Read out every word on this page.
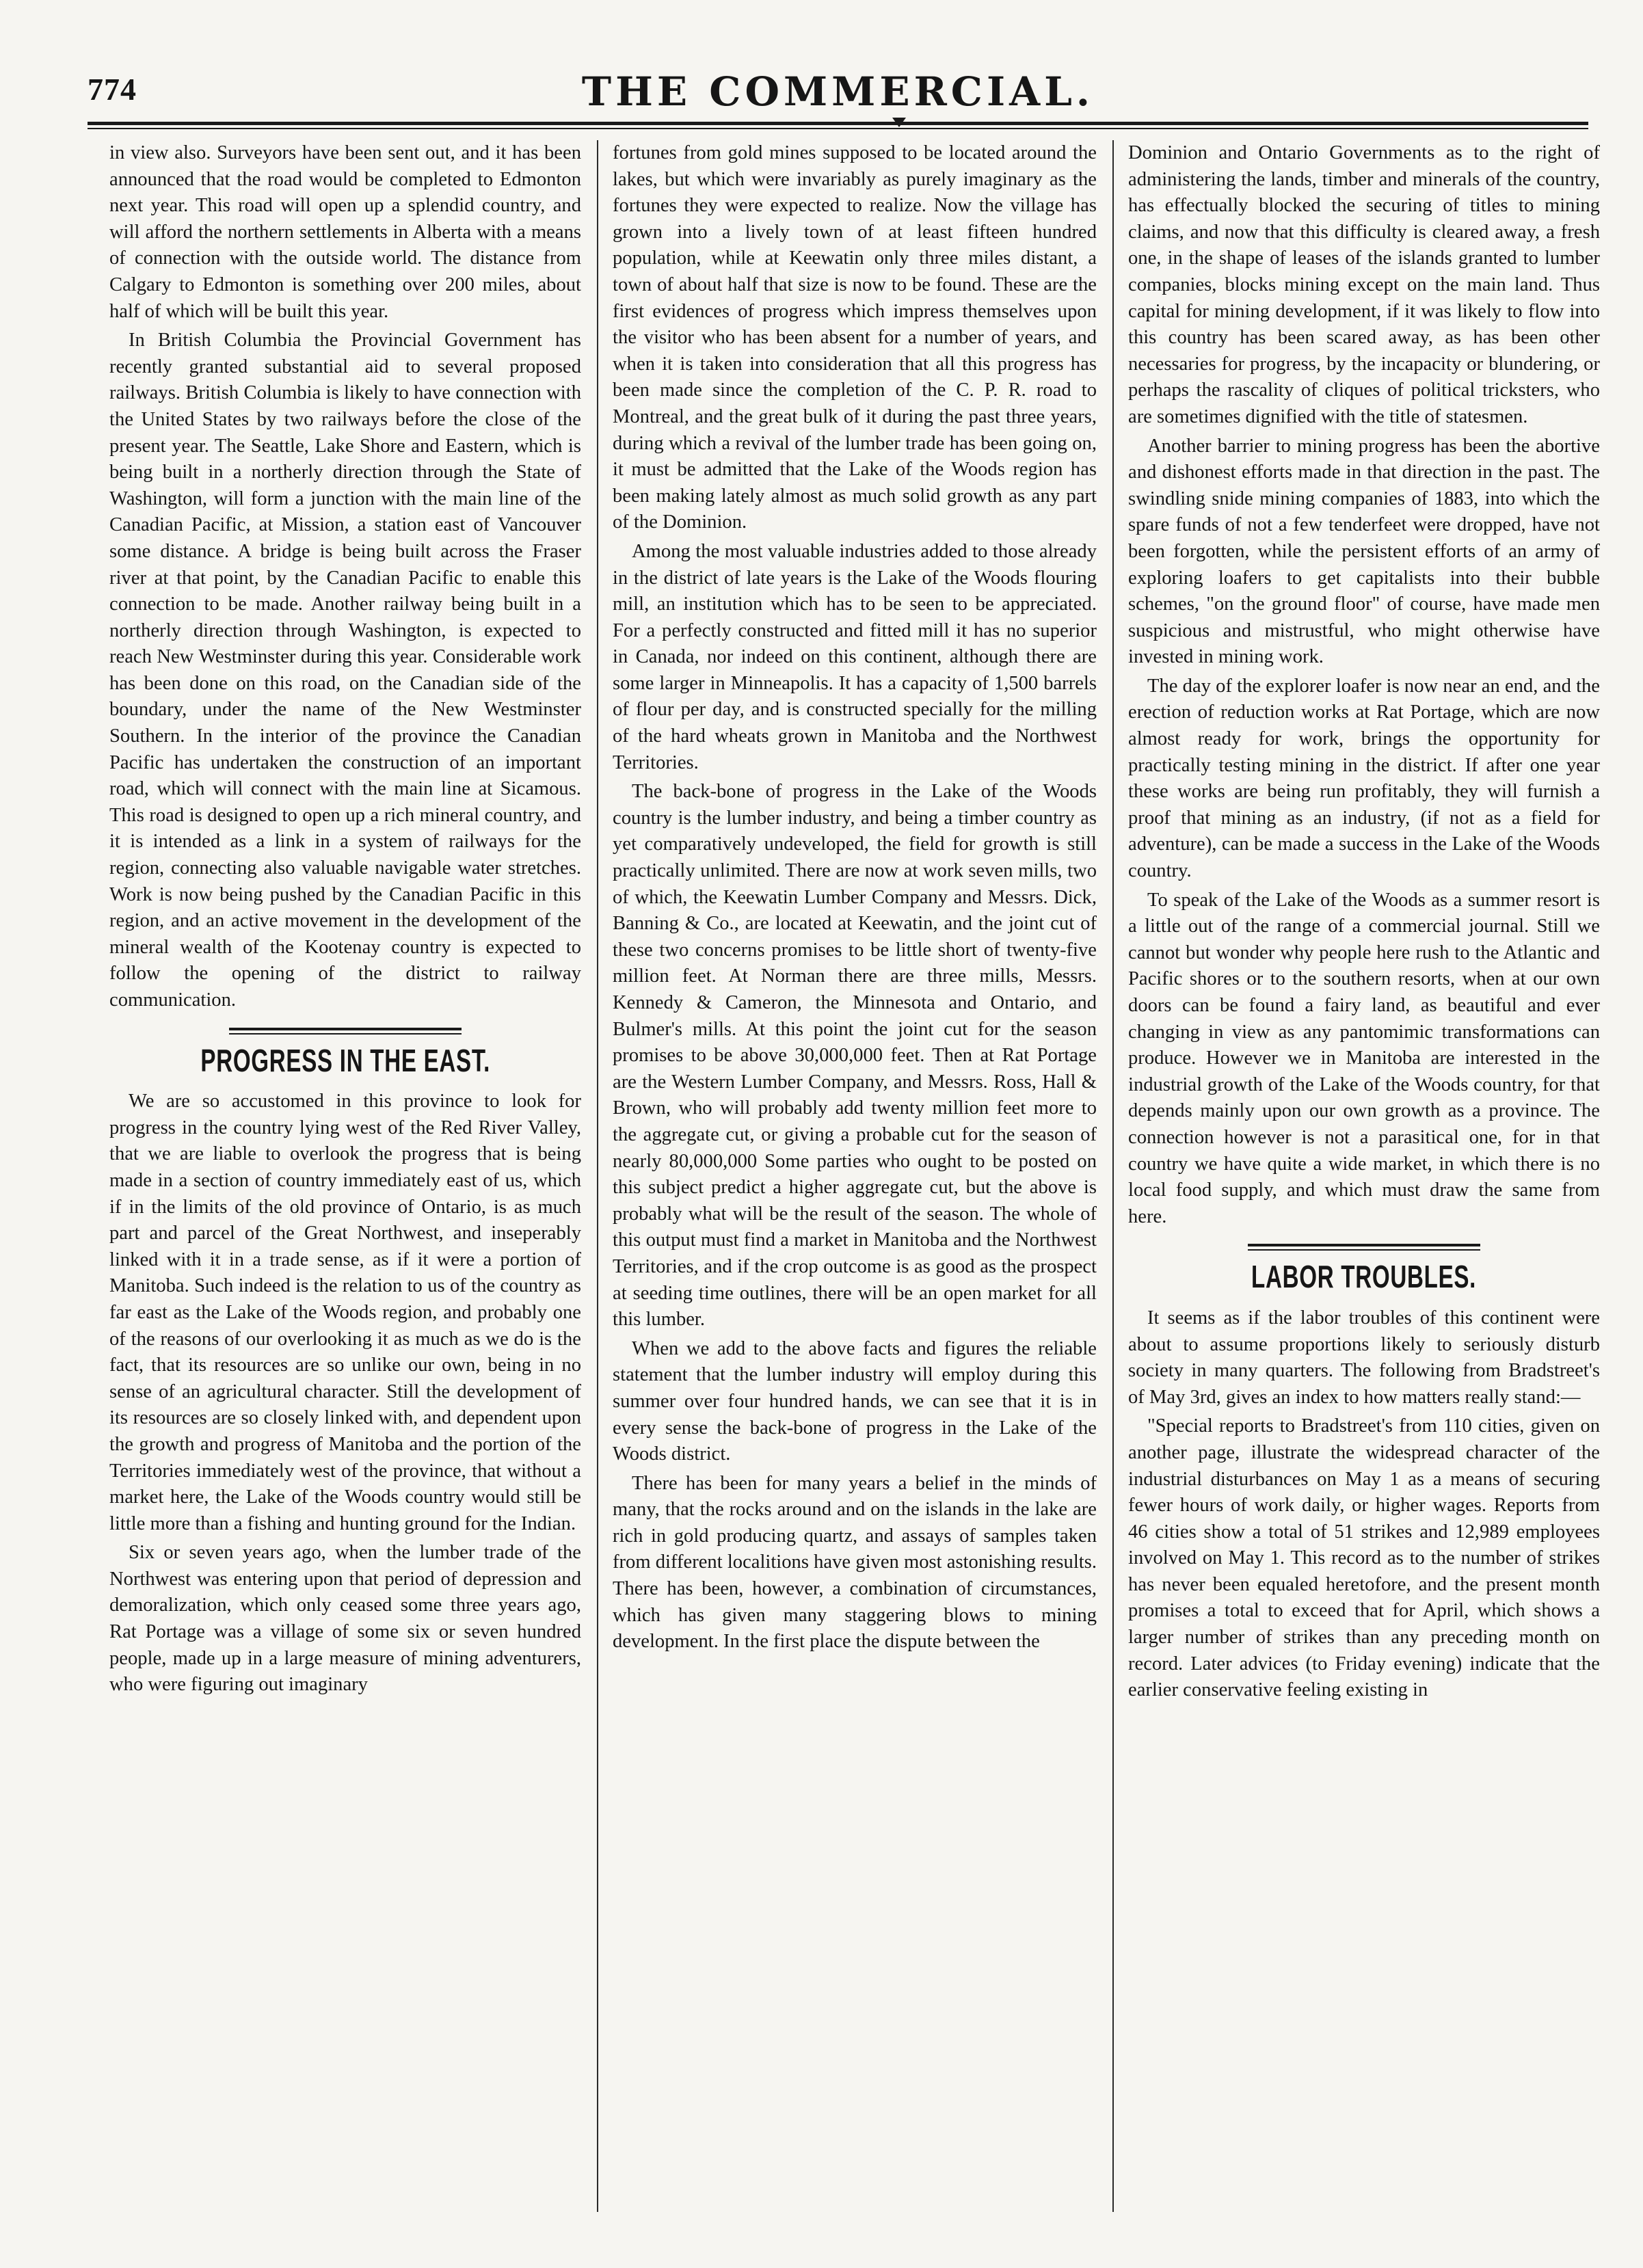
774	THE COMMERCIAL.

in view also. Surveyors have been sent out, and it has been announced that the road would be completed to Edmonton next year. This road will open up a splendid country, and will afford the northern settlements in Alberta with a means of connection with the outside world. The distance from Calgary to Edmonton is something over 200 miles, about half of which will be built this year.

In British Columbia the Provincial Government has recently granted substantial aid to several proposed railways. British Columbia is likely to have connection with the United States by two railways before the close of the present year. The Seattle, Lake Shore and Eastern, which is being built in a northerly direction through the State of Washington, will form a junction with the main line of the Canadian Pacific, at Mission, a station east of Vancouver some distance. A bridge is being built across the Fraser river at that point, by the Canadian Pacific to enable this connection to be made. Another railway being built in a northerly direction through Washington, is expected to reach New Westminster during this year. Considerable work has been done on this road, on the Canadian side of the boundary, under the name of the New Westminster Southern. In the interior of the province the Canadian Pacific has undertaken the construction of an important road, which will connect with the main line at Sicamous. This road is designed to open up a rich mineral country, and it is intended as a link in a system of railways for the region, connecting also valuable navigable water stretches. Work is now being pushed by the Canadian Pacific in this region, and an active movement in the development of the mineral wealth of the Kootenay country is expected to follow the opening of the district to railway communication.

PROGRESS IN THE EAST.

We are so accustomed in this province to look for progress in the country lying west of the Red River Valley, that we are liable to overlook the progress that is being made in a section of country immediately east of us, which if in the limits of the old province of Ontario, is as much part and parcel of the Great Northwest, and inseperably linked with it in a trade sense, as if it were a portion of Manitoba. Such indeed is the relation to us of the country as far east as the Lake of the Woods region, and probably one of the reasons of our overlooking it as much as we do is the fact, that its resources are so unlike our own, being in no sense of an agricultural character. Still the development of its resources are so closely linked with, and dependent upon the growth and progress of Manitoba and the portion of the Territories immediately west of the province, that without a market here, the Lake of the Woods country would still be little more than a fishing and hunting ground for the Indian.

Six or seven years ago, when the lumber trade of the Northwest was entering upon that period of depression and demoralization, which only ceased some three years ago, Rat Portage was a village of some six or seven hundred people, made up in a large measure of mining adventurers, who were figuring out imaginary

fortunes from gold mines supposed to be located around the lakes, but which were invariably as purely imaginary as the fortunes they were expected to realize. Now the village has grown into a lively town of at least fifteen hundred population, while at Keewatin only three miles distant, a town of about half that size is now to be found. These are the first evidences of progress which impress themselves upon the visitor who has been absent for a number of years, and when it is taken into consideration that all this progress has been made since the completion of the C. P. R. road to Montreal, and the great bulk of it during the past three years, during which a revival of the lumber trade has been going on, it must be admitted that the Lake of the Woods region has been making lately almost as much solid growth as any part of the Dominion.

Among the most valuable industries added to those already in the district of late years is the Lake of the Woods flouring mill, an institution which has to be seen to be appreciated. For a perfectly constructed and fitted mill it has no superior in Canada, nor indeed on this continent, although there are some larger in Minneapolis. It has a capacity of 1,500 barrels of flour per day, and is constructed specially for the milling of the hard wheats grown in Manitoba and the Northwest Territories.

The back-bone of progress in the Lake of the Woods country is the lumber industry, and being a timber country as yet comparatively undeveloped, the field for growth is still practically unlimited. There are now at work seven mills, two of which, the Keewatin Lumber Company and Messrs. Dick, Banning & Co., are located at Keewatin, and the joint cut of these two concerns promises to be little short of twenty-five million feet. At Norman there are three mills, Messrs. Kennedy & Cameron, the Minnesota and Ontario, and Bulmer's mills. At this point the joint cut for the season promises to be above 30,000,000 feet. Then at Rat Portage are the Western Lumber Company, and Messrs. Ross, Hall & Brown, who will probably add twenty million feet more to the aggregate cut, or giving a probable cut for the season of nearly 80,000,000 Some parties who ought to be posted on this subject predict a higher aggregate cut, but the above is probably what will be the result of the season. The whole of this output must find a market in Manitoba and the Northwest Territories, and if the crop outcome is as good as the prospect at seeding time outlines, there will be an open market for all this lumber.

When we add to the above facts and figures the reliable statement that the lumber industry will employ during this summer over four hundred hands, we can see that it is in every sense the back-bone of progress in the Lake of the Woods district.

There has been for many years a belief in the minds of many, that the rocks around and on the islands in the lake are rich in gold producing quartz, and assays of samples taken from different localitions have given most astonishing results. There has been, however, a combination of circumstances, which has given many staggering blows to mining development. In the first place the dispute between the

Dominion and Ontario Governments as to the right of administering the lands, timber and minerals of the country, has effectually blocked the securing of titles to mining claims, and now that this difficulty is cleared away, a fresh one, in the shape of leases of the islands granted to lumber companies, blocks mining except on the main land. Thus capital for mining development, if it was likely to flow into this country has been scared away, as has been other necessaries for progress, by the incapacity or blundering, or perhaps the rascality of cliques of political tricksters, who are sometimes dignified with the title of statesmen.

Another barrier to mining progress has been the abortive and dishonest efforts made in that direction in the past. The swindling snide mining companies of 1883, into which the spare funds of not a few tenderfeet were dropped, have not been forgotten, while the persistent efforts of an army of exploring loafers to get capitalists into their bubble schemes, "on the ground floor" of course, have made men suspicious and mistrustful, who might otherwise have invested in mining work.

The day of the explorer loafer is now near an end, and the erection of reduction works at Rat Portage, which are now almost ready for work, brings the opportunity for practically testing mining in the district. If after one year these works are being run profitably, they will furnish a proof that mining as an industry, (if not as a field for adventure), can be made a success in the Lake of the Woods country.

To speak of the Lake of the Woods as a summer resort is a little out of the range of a commercial journal. Still we cannot but wonder why people here rush to the Atlantic and Pacific shores or to the southern resorts, when at our own doors can be found a fairy land, as beautiful and ever changing in view as any pantomimic transformations can produce. However we in Manitoba are interested in the industrial growth of the Lake of the Woods country, for that depends mainly upon our own growth as a province. The connection however is not a parasitical one, for in that country we have quite a wide market, in which there is no local food supply, and which must draw the same from here.

LABOR TROUBLES.

It seems as if the labor troubles of this continent were about to assume proportions likely to seriously disturb society in many quarters. The following from Bradstreet's of May 3rd, gives an index to how matters really stand:—

"Special reports to Bradstreet's from 110 cities, given on another page, illustrate the widespread character of the industrial disturbances on May 1 as a means of securing fewer hours of work daily, or higher wages. Reports from 46 cities show a total of 51 strikes and 12,989 employees involved on May 1. This record as to the number of strikes has never been equaled heretofore, and the present month promises a total to exceed that for April, which shows a larger number of strikes than any preceding month on record. Later advices (to Friday evening) indicate that the earlier conservative feeling existing in
